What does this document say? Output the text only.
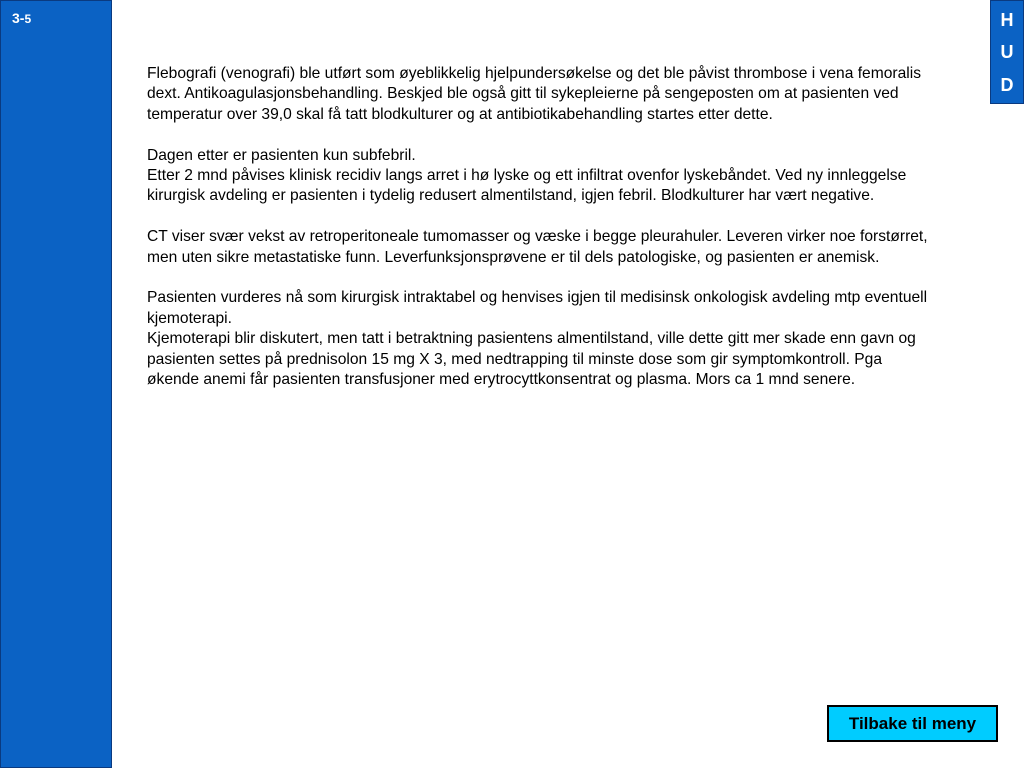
3-5	H
U
D

Flebografi (venografi) ble utført som øyeblikkelig hjelpundersøkelse og det ble påvist thrombose i vena femoralis dext. Antikoagulasjonsbehandling. Beskjed ble også gitt til sykepleierne på sengeposten om at pasienten ved temperatur over 39,0 skal få tatt blodkulturer og at antibiotikabehandling startes etter dette.

Dagen etter er pasienten kun subfebril.

Etter 2 mnd påvises klinisk recidiv langs arret i hø lyske og ett infiltrat ovenfor lyskebåndet. Ved ny innleggelse kirurgisk avdeling er pasienten i tydelig redusert almentilstand, igjen febril. Blodkulturer har vært negative.

CT viser svær vekst av retroperitoneale tumomasser og væske i begge pleurahuler. Leveren virker noe forstørret, men uten sikre metastatiske funn. Leverfunksjonsprøvene er til dels patologiske, og pasienten er anemisk.

Pasienten vurderes nå som kirurgisk intraktabel og henvises igjen til medisinsk onkologisk avdeling mtp eventuell kjemoterapi.

Kjemoterapi blir diskutert, men tatt i betraktning pasientens almentilstand, ville dette gitt mer skade enn gavn og pasienten settes på prednisolon 15 mg X 3, med nedtrapping til minste dose som gir symptomkontroll. Pga økende anemi får pasienten transfusjoner med erytrocyttkonsentrat og plasma. Mors ca 1 mnd senere.

Tilbake til meny
